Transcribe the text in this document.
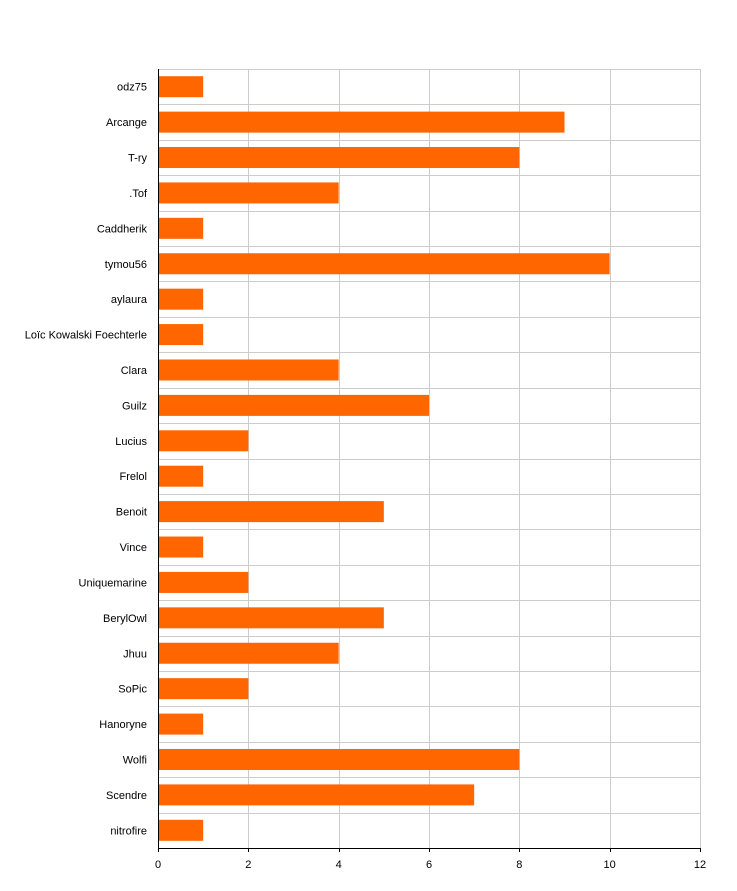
odz75
Arcange
T-ry
.Tof
Caddherik
tymou56
aylaura
Loïc Kowalski Foechterle
Clara
Guilz
Lucius
Frelol
Benoit
Vince
Uniquemarine
BerylOwl
Jhuu
SoPic
Hanoryne
Wolfi
Scendre
nitrofire
0	2	4	6	8	10	12
